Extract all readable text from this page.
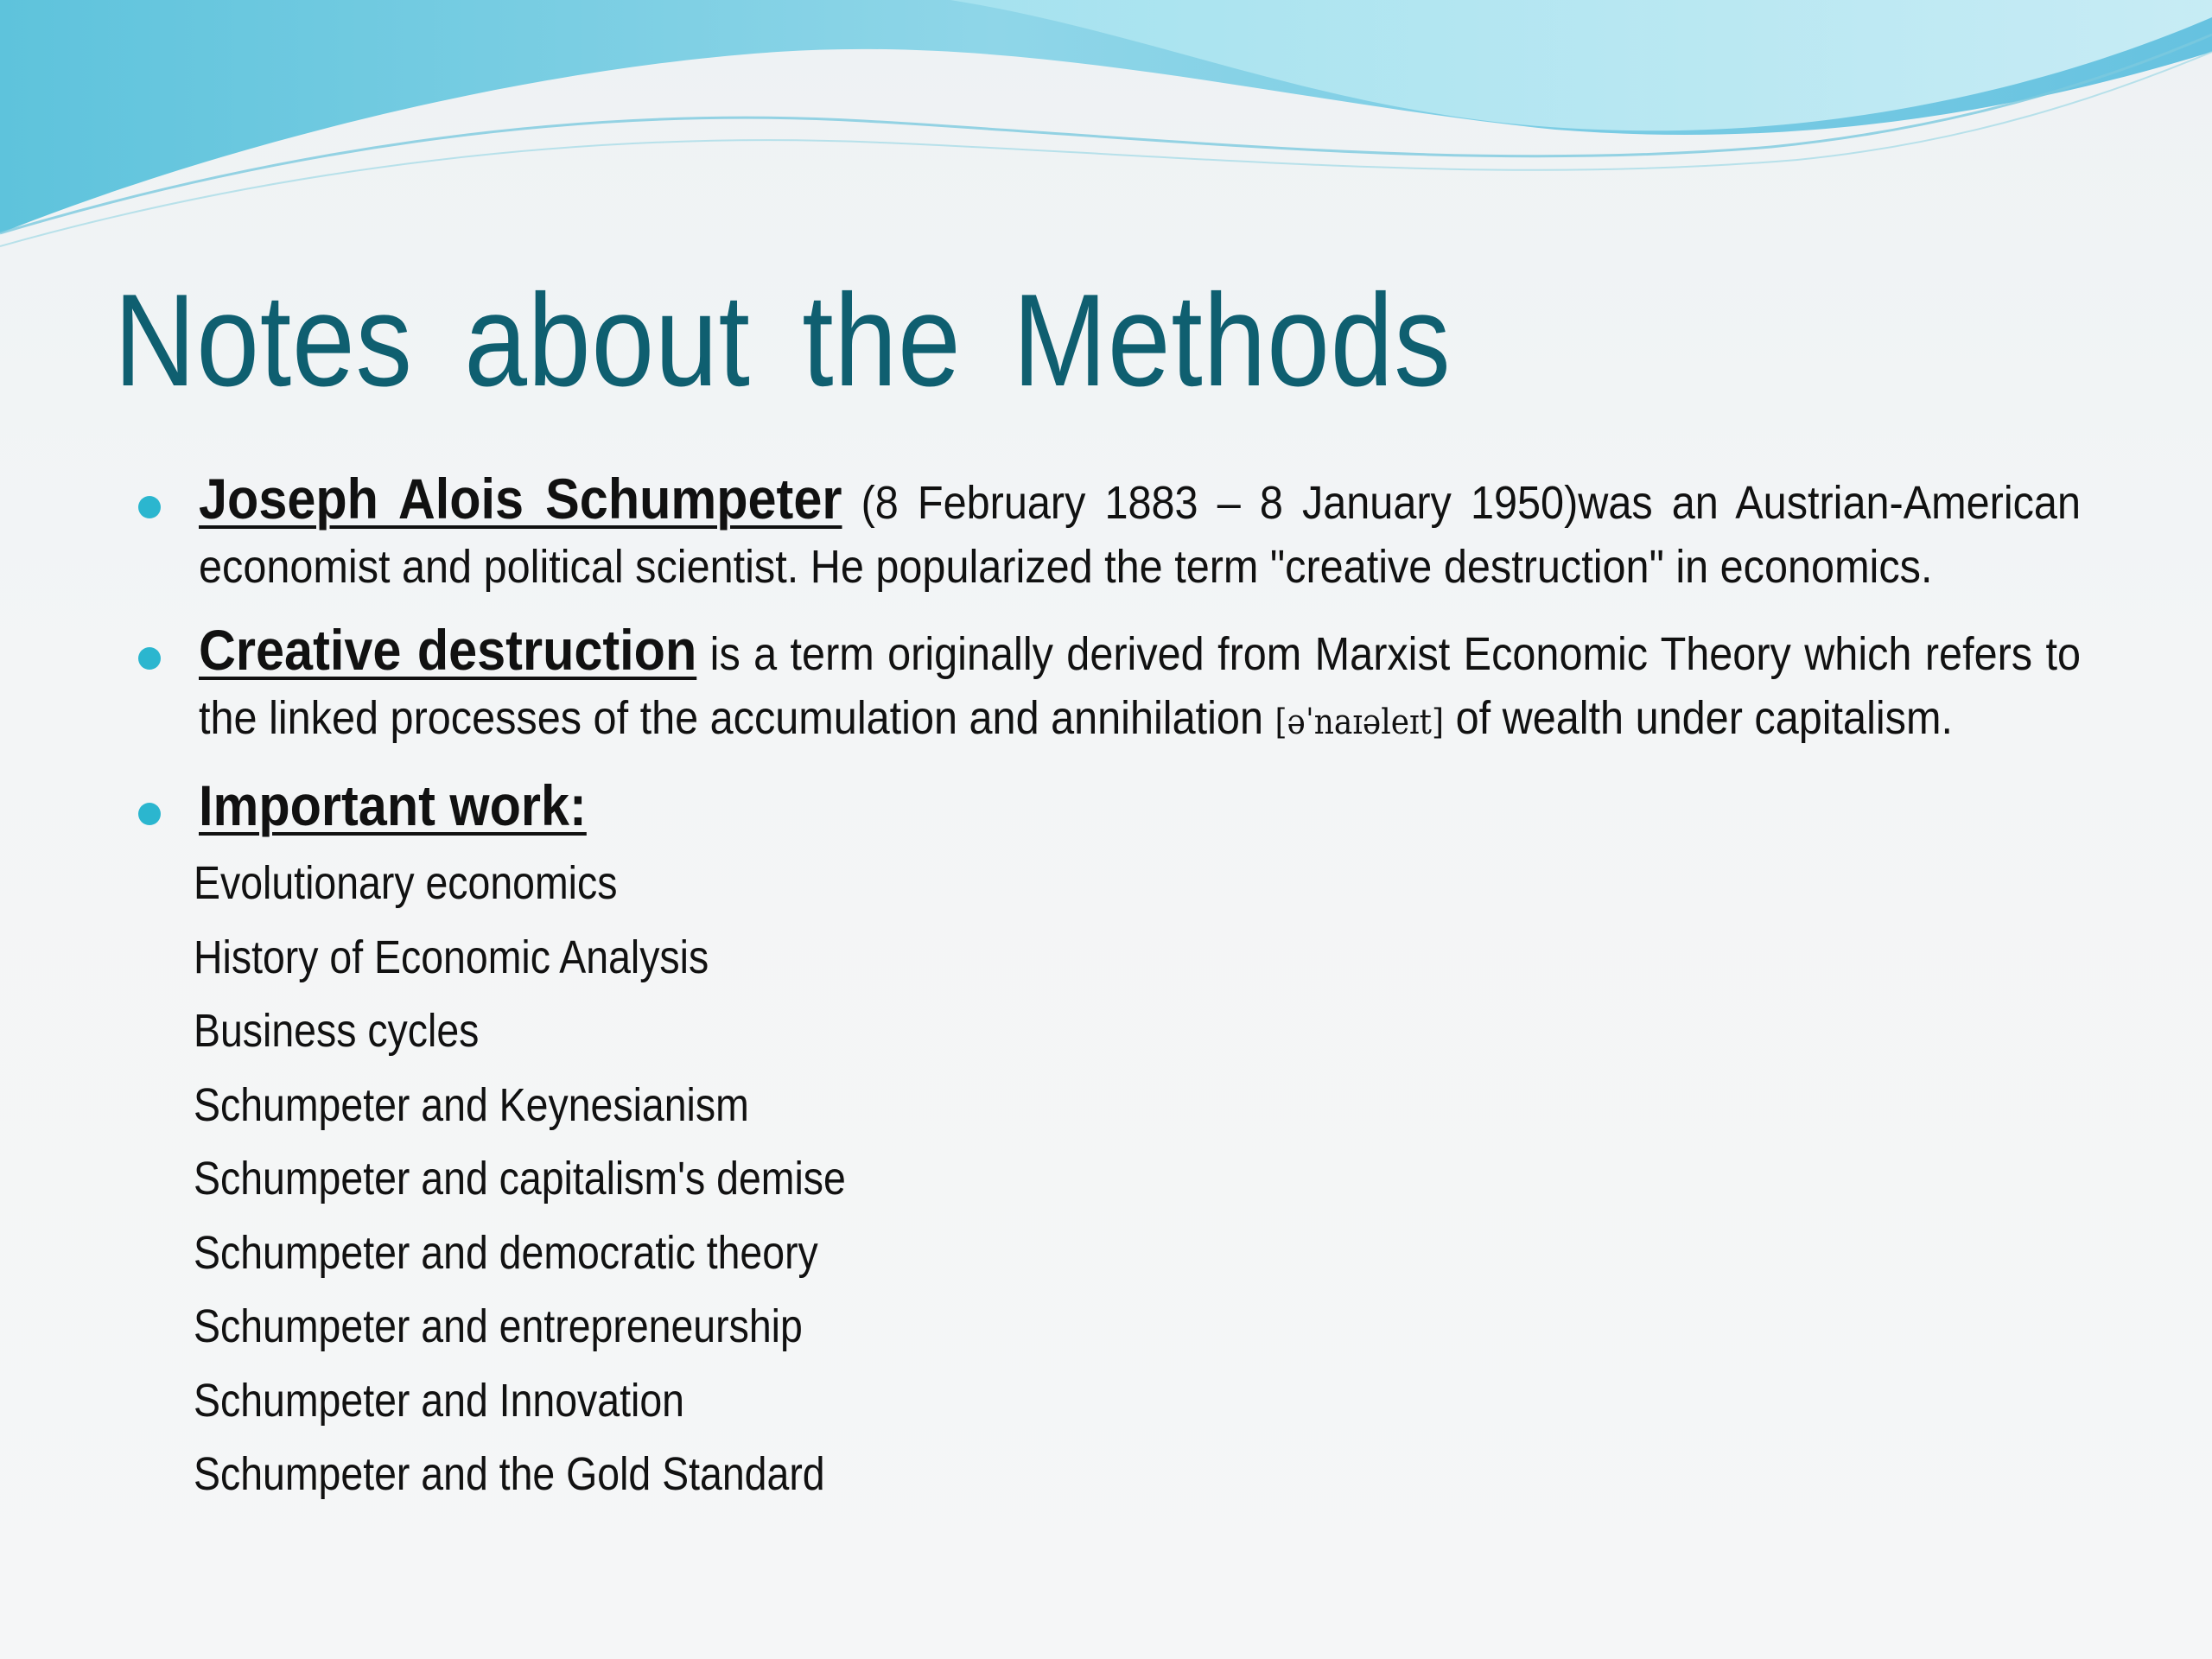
Notes about the Methods
Joseph Alois Schumpeter (8 February 1883 – 8 January 1950)was an Austrian-American economist and political scientist. He popularized the term "creative destruction" in economics.
Creative destruction is a term originally derived from Marxist Economic Theory which refers to the linked processes of the accumulation and annihilation [əˈnaɪəleɪt] of wealth under capitalism.
Important work:
Evolutionary economics
History of Economic Analysis
Business cycles
Schumpeter and Keynesianism
Schumpeter and capitalism's demise
Schumpeter and democratic theory
Schumpeter and entrepreneurship
Schumpeter and Innovation
Schumpeter and the Gold Standard
